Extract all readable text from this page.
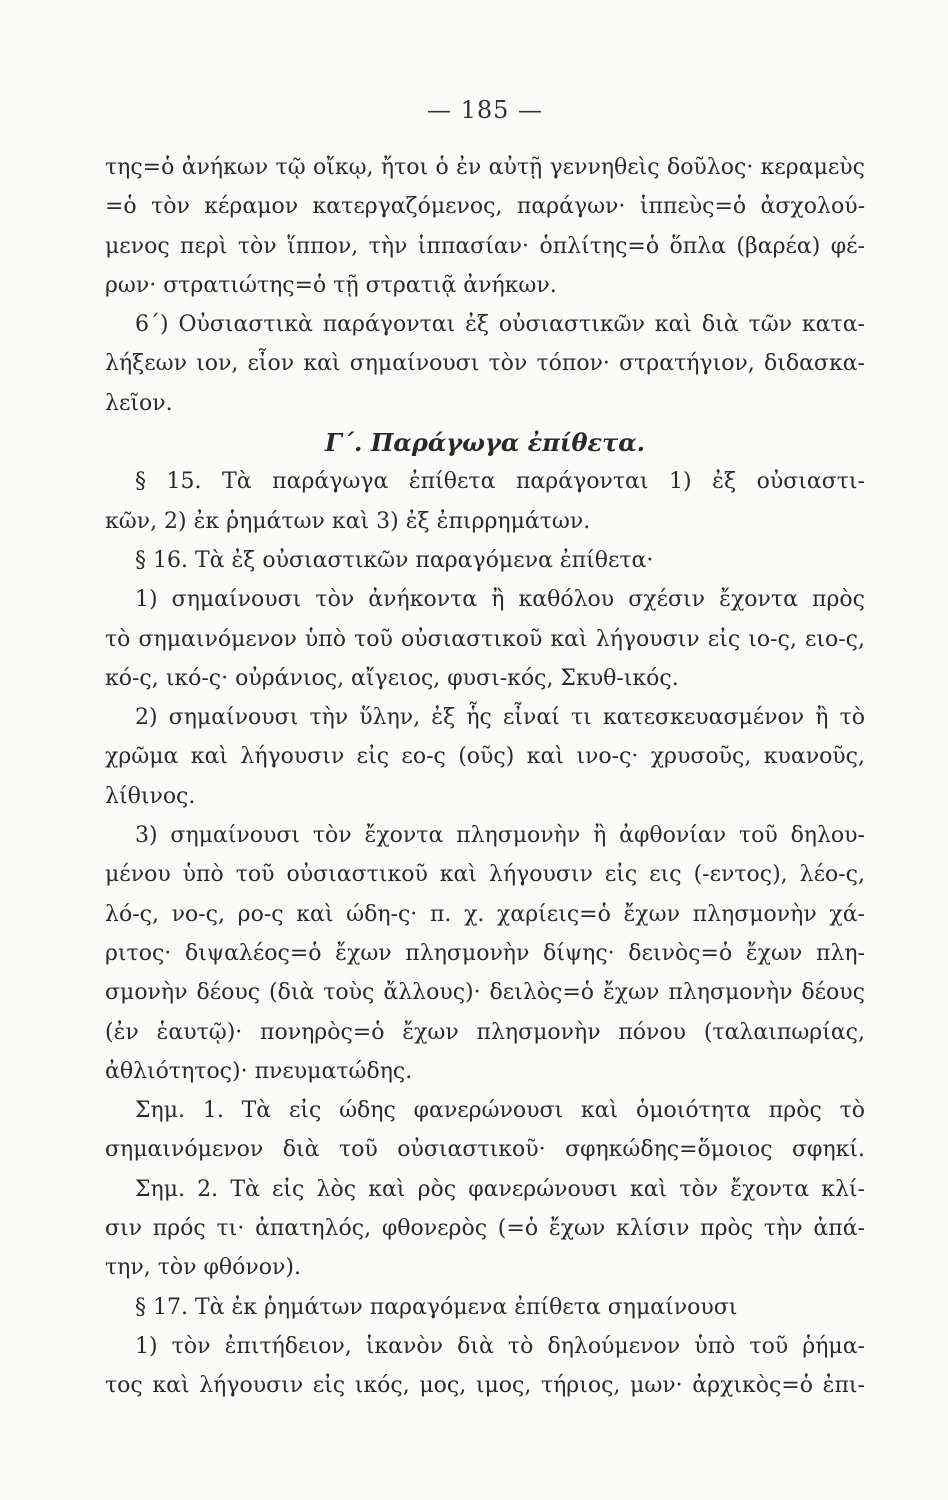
— 185 —
της=ὁ ἀνήκων τῷ οἴκῳ, ἤτοι ὁ ἐν αὐτῇ γεννηθεὶς δοῦλος· κεραμεὺς
=ὁ τὸν κέραμον κατεργαζόμενος, παράγων· ἱππεὺς=ὁ ἀσχολού-
μενος περὶ τὸν ἵππον, τὴν ἱππασίαν· ὁπλίτης=ὁ ὅπλα (βαρέα) φέ-
ρων· στρατιώτης=ὁ τῇ στρατιᾷ ἀνήκων.
6´) Οὐσιαστικὰ παράγονται ἐξ οὐσιαστικῶν καὶ διὰ τῶν κατα-
λήξεων ιον, εἶον καὶ σημαίνουσι τὸν τόπον· στρατήγιον, διδασκα-
λεῖον.
Γ´. Παράγωγα ἐπίθετα.
§ 15. Τὰ παράγωγα ἐπίθετα παράγονται 1) ἐξ οὐσιαστι-
κῶν, 2) ἐκ ῥημάτων καὶ 3) ἐξ ἐπιρρημάτων.
§ 16. Τὰ ἐξ οὐσιαστικῶν παραγόμενα ἐπίθετα·
1) σημαίνουσι τὸν ἀνήκοντα ἢ καθόλου σχέσιν ἔχοντα πρὸς
τὸ σημαινόμενον ὑπὸ τοῦ οὐσιαστικοῦ καὶ λήγουσιν εἰς ιο-ς, ειο-ς,
κό-ς, ικό-ς· οὐράνιος, αἴγειος, φυσι-κός, Σκυθ-ικός.
2) σημαίνουσι τὴν ὕλην, ἐξ ἧς εἶναί τι κατεσκευασμένον ἢ τὸ
χρῶμα καὶ λήγουσιν εἰς εο-ς (οῦς) καὶ ινο-ς· χρυσοῦς, κυανοῦς,
λίθινος.
3) σημαίνουσι τὸν ἔχοντα πλησμονὴν ἢ ἀφθονίαν τοῦ δηλου-
μένου ὑπὸ τοῦ οὐσιαστικοῦ καὶ λήγουσιν εἰς εις (-εντος), λέο-ς,
λό-ς, νο-ς, ρο-ς καὶ ώδη-ς· π. χ. χαρίεις=ὁ ἔχων πλησμονὴν χά-
ριτος· διψαλέος=ὁ ἔχων πλησμονὴν δίψης· δεινὸς=ὁ ἔχων πλη-
σμονὴν δέους (διὰ τοὺς ἄλλους)· δειλὸς=ὁ ἔχων πλησμονὴν δέους
(ἐν ἑαυτῷ)· πονηρὸς=ὁ ἔχων πλησμονὴν πόνου (ταλαιπωρίας,
ἀθλιότητος)· πνευματώδης.
Σημ. 1. Τὰ εἰς ώδης φανερώνουσι καὶ ὁμοιότητα πρὸς τὸ
σημαινόμενον διὰ τοῦ οὐσιαστικοῦ· σφηκώδης=ὅμοιος σφηκί.
Σημ. 2. Τὰ εἰς λὸς καὶ ρὸς φανερώνουσι καὶ τὸν ἔχοντα κλί-
σιν πρός τι· ἀπατηλός, φθονερὸς (=ὁ ἔχων κλίσιν πρὸς τὴν ἀπά-
την, τὸν φθόνον).
§ 17. Τὰ ἐκ ῥημάτων παραγόμενα ἐπίθετα σημαίνουσι
1) τὸν ἐπιτήδειον, ἱκανὸν διὰ τὸ δηλούμενον ὑπὸ τοῦ ῥήμα-
τος καὶ λήγουσιν εἰς ικός, μος, ιμος, τήριος, μων· ἀρχικὸς=ὁ ἐπι-
